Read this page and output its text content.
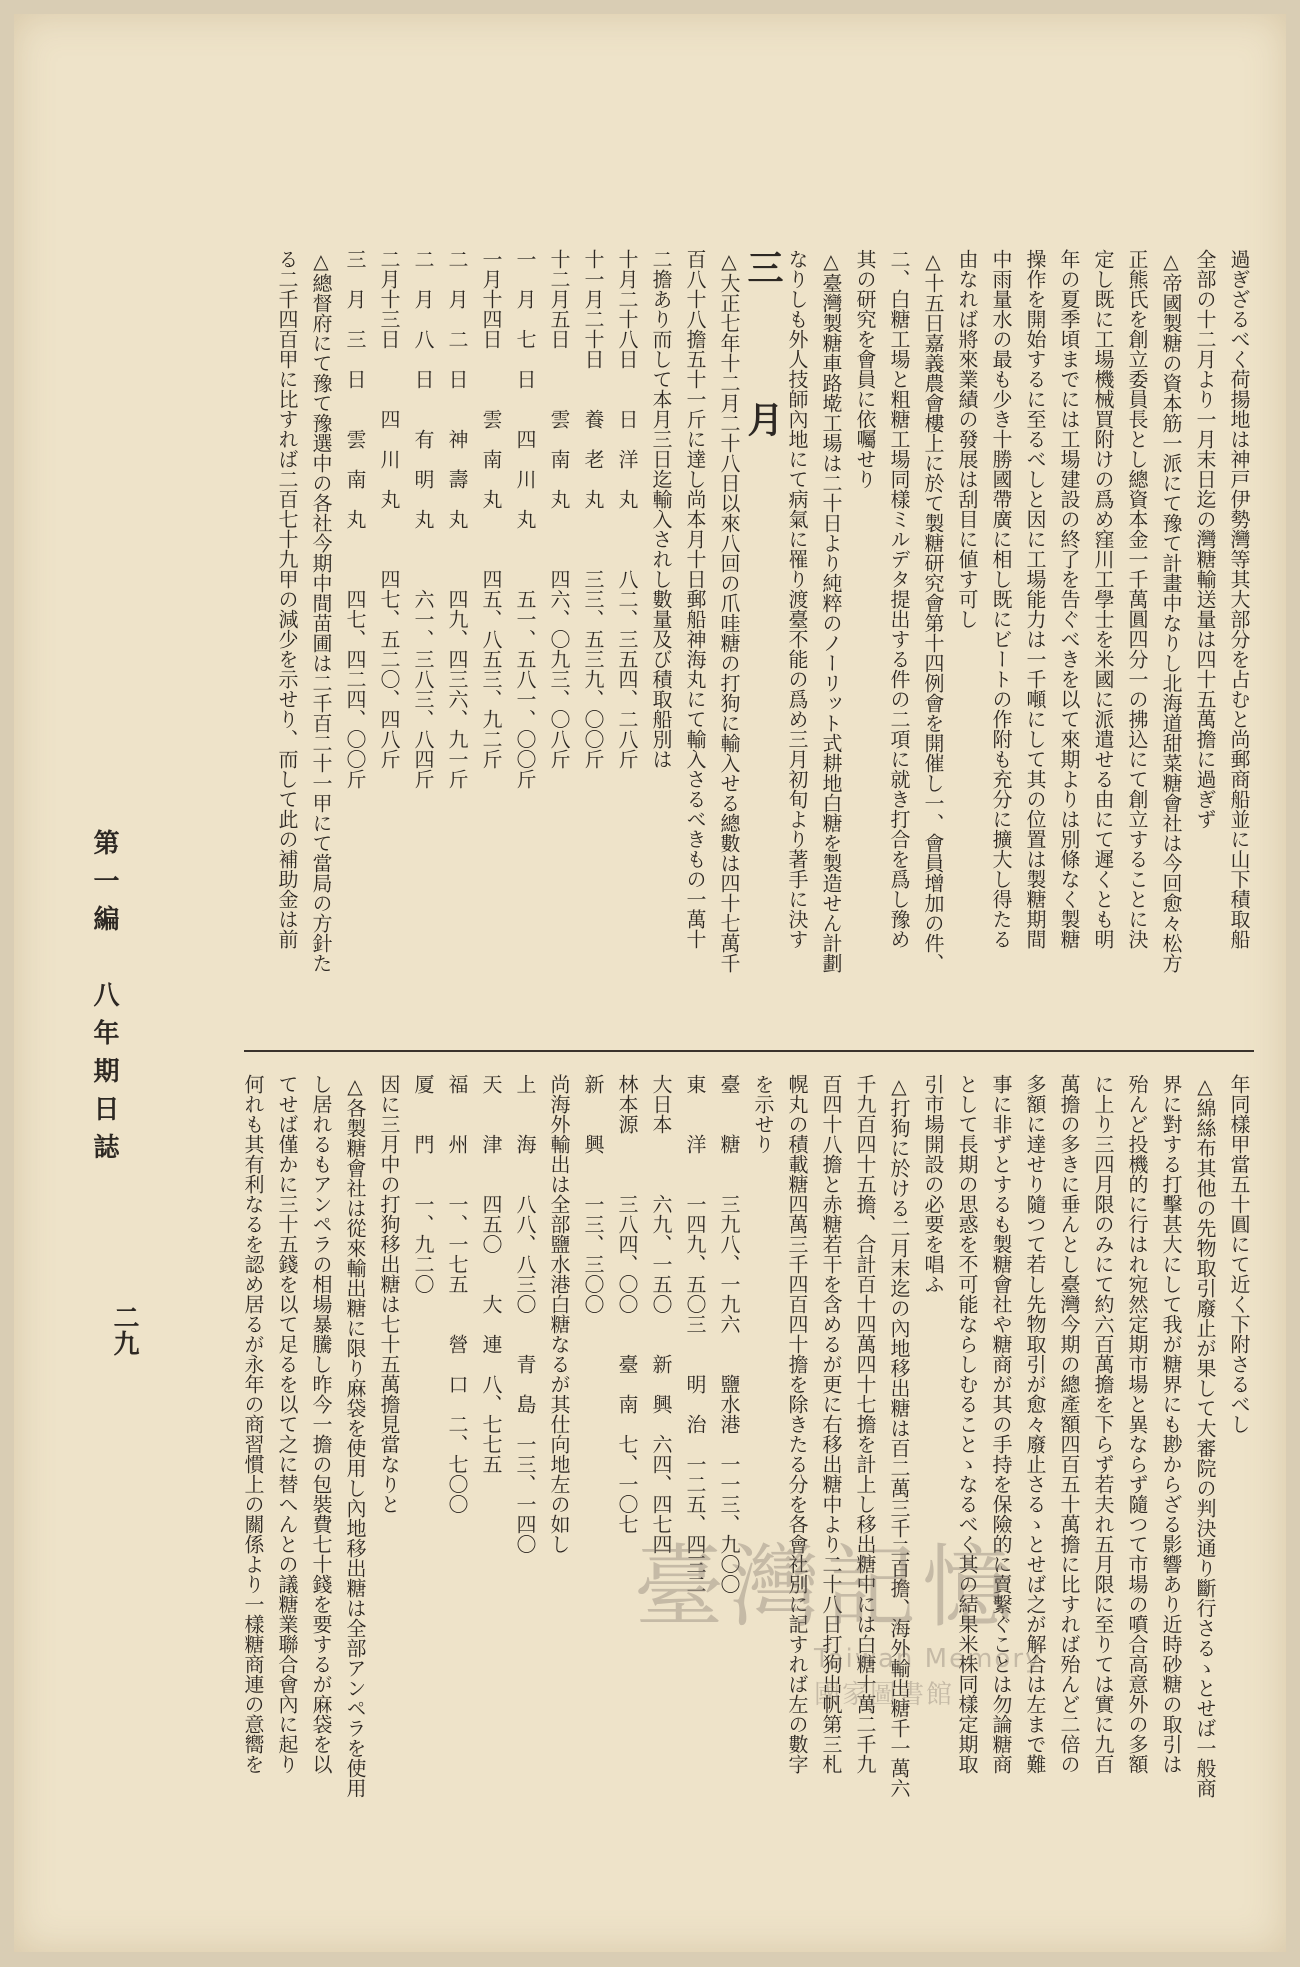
過ぎざるべく荷揚地は神戸伊勢灣等其大部分を占むと尚郵商船並に山下積取船
全部の十二月より一月末日迄の灣糖輸送量は四十五萬擔に過ぎず
△帝國製糖の資本筋一派にて豫て計畫中なりし北海道甜菜糖會社は今回愈々松方
正熊氏を創立委員長とし總資本金一千萬圓四分一の拂込にて創立することに決
定し既に工場機械買附けの爲め窪川工學士を米國に派遣せる由にて遲くとも明
年の夏季頃までには工場建設の終了を告ぐべきを以て來期よりは別條なく製糖
操作を開始するに至るべしと因に工場能力は一千噸にして其の位置は製糖期間
中雨量水の最も少き十勝國帶廣に相し既にビートの作附も充分に擴大し得たる
由なれば將來業績の發展は刮目に値す可し
△十五日嘉義農會樓上に於て製糖研究會第十四例會を開催し一、會員增加の件、
二、白糖工場と粗糖工場同樣ミルデタ提出する件の二項に就き打合を爲し豫め
其の研究を會員に依囑せり
△臺灣製糖車路墘工場は二十日より純粹のノーリット式耕地白糖を製造せん計劃
なりしも外人技師內地にて病氣に罹り渡臺不能の爲め三月初旬より著手に決す
三　月
△大正七年十二月二十八日以來八回の爪哇糖の打狗に輸入せる總數は四十七萬千
百八十八擔五十一斤に達し尚本月十日郵船神海丸にて輸入さるべきもの一萬十
二擔あり而して本月三日迄輸入されし數量及び積取船別は
十月二十八日　　日　洋　丸　　　八二、三五四、二八斤
十一月二十日　　養　老　丸　　　三三、五三九、〇〇斤
十二月五日　　　雲　南　丸　　　四六、〇九三、〇八斤
一　月　七　日　　四　川　丸　　　五一、五八一、〇〇斤
一月十四日　　　雲　南　丸　　　四五、八五三、九二斤
二　月　二　日　　神　壽　丸　　　四九、四三六、九一斤
二　月　八　日　　有　明　丸　　　六一、三八三、八四斤
二月十三日　　　四　川　丸　　　四七、五二〇、四八斤
三　月　三　日　　雲　南　丸　　　四七、四二四、〇〇斤
△總督府にて豫て豫選中の各社今期中間苗圃は二千百二十一甲にて當局の方針た
る二千四百甲に比すれば二百七十九甲の減少を示せり、而して此の補助金は前
年同樣甲當五十圓にて近く下附さるべし
△綿絲布其他の先物取引廢止が果して大審院の判決通り斷行さるゝとせば一般商
界に對する打擊甚大にして我が糖界にも尠からざる影響あり近時砂糖の取引は
殆んど投機的に行はれ宛然定期市場と異ならず隨つて市場の噴合高意外の多額
に上り三四月限のみにて約六百萬擔を下らず若夫れ五月限に至りては實に九百
萬擔の多きに垂んとし臺灣今期の總產額四百五十萬擔に比すれば殆んど二倍の
多額に達せり隨つて若し先物取引が愈々廢止さるゝとせば之が解合は左まで難
事に非ずとするも製糖會社や糖商が其の手持を保險的に賣繫ぐことは勿論糖商
として長期の思惑を不可能ならしむることゝなるべく其の結果米株同樣定期取
引市場開設の必要を唱ふ
△打狗に於ける二月末迄の內地移出糖は百二萬三千二百擔、海外輸出糖千一萬六
千九百四十五擔、合計百十四萬四十七擔を計上し移出糖中には白糖十萬二千九
百四十八擔と赤糖若干を含めるが更に右移出糖中より二十八日打狗出帆第三札
幌丸の積載糖四萬三千四百四十擔を除きたる分を各會社別に記すれば左の數字
を示せり
臺　　糖　　三九八、一九六　　鹽水港　一一三、九〇〇
東　　洋　　一四九、五〇三　　明　治　一二五、四三二
大日本　　　六九、一五〇　　新　興　六四、四七四
林本源　　　三八四、〇〇　　臺　南　七、一〇七
新　　興　　一三、三〇〇
尚海外輸出は全部鹽水港白糖なるが其仕向地左の如し
上　　海　　八八、八三〇　　青　島　一三、一四〇
天　　津　　四五〇　　大　連　八、七七五
福　　州　　一、一七五　　營　口　二、七〇〇
厦　　門　　一、九二〇
因に三月中の打狗移出糖は七十五萬擔見當なりと
△各製糖會社は從來輸出糖に限り麻袋を使用し內地移出糖は全部アンペラを使用
し居れるもアンペラの相場暴騰し昨今一擔の包裝費七十錢を要するが麻袋を以
てせば僅かに三十五錢を以て足るを以て之に替へんとの議糖業聯合會內に起り
何れも其有利なるを認め居るが永年の商習慣上の關係より一樣糖商連の意嚮を
第一編　八年期日誌
二九
臺灣記憶
Taiwan Memory
國家圖書館
